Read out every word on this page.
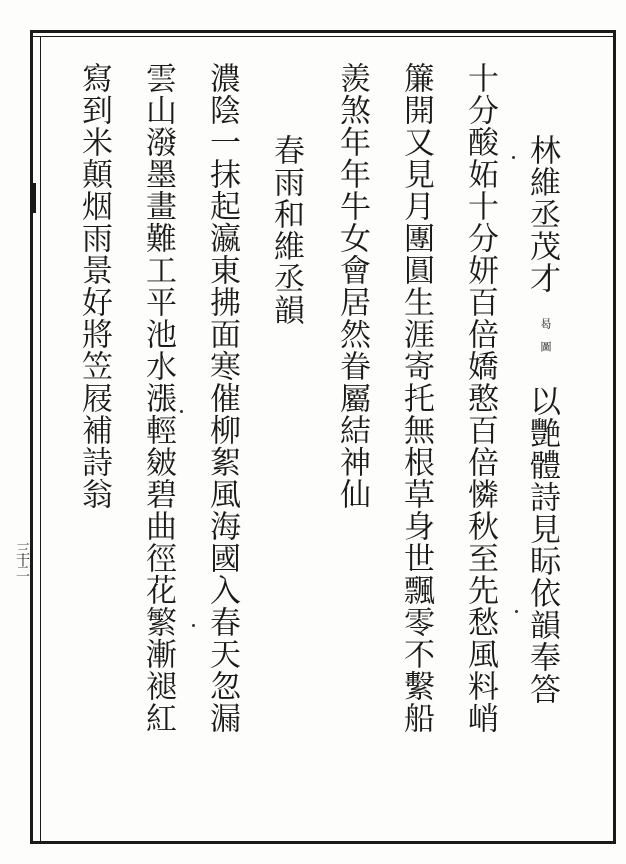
三十二	十分酸妬十分妍百倍嬌憨百倍憐秋至先愁風料峭 林維丞茂才
曷圖
以艷體詩見眎依韻奉答
簾開又見月團圓生涯寄托無根草身世飄零不繫船
羨煞年年牛女會居然眷屬結神仙
春雨和維丞韻
濃陰一抹起瀛東拂面寒催柳絮風海國入春天忽漏
雲山潑墨畫難工平池水漲輕皴碧曲徑花繁漸褪紅
寫到米顛烟雨景好將笠屐補詩翁
